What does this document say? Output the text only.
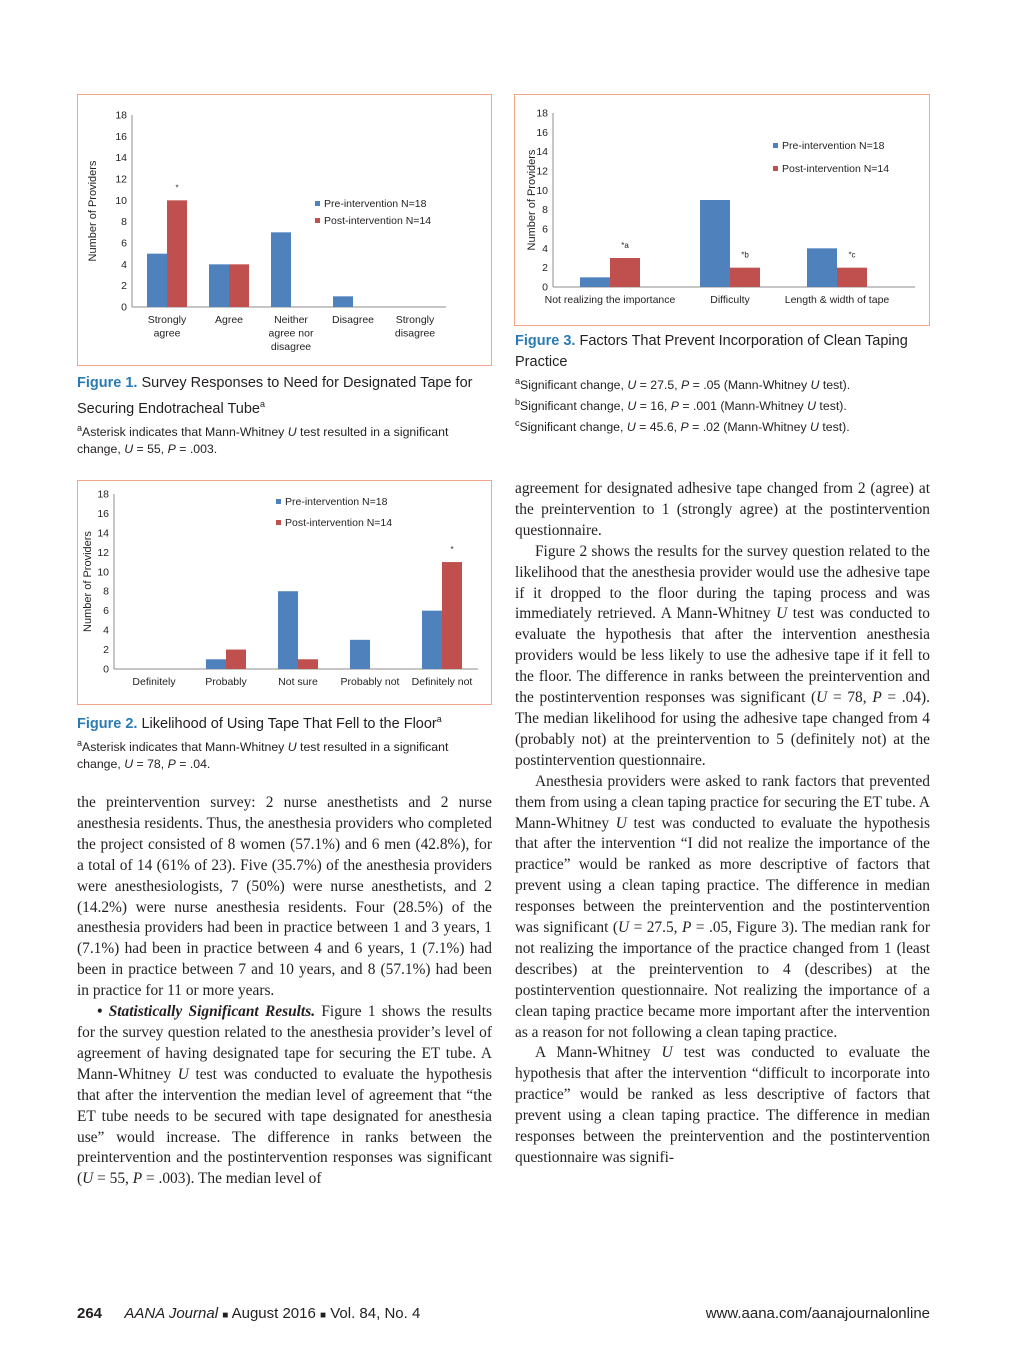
0
2
4
6
8
10
12
14
16
18
Number of Providers
Strongly
agree
Agree	Neither
agree nor
disagree
Disagree Strongly
disagree
*
Pre-intervention N=18
Post-intervention N=14
Figure 1. Survey Responses to Need for Designated Tape for Securing Endotracheal Tube$^a$
$^a$Asterisk indicates that Mann-Whitney U test resulted in a significant change, U = 55, P = .003.
0
2
4
6
8
10
12
14
16
18
Number of Providers
Not realizing the importance	Difficulty	Length & width of tape
*a
*b	*c
Pre-intervention N=18
Post-intervention N=14
Figure 3. Factors That Prevent Incorporation of Clean Taping Practice
$^a$Significant change, U = 27.5, P = .05 (Mann-Whitney U test).
$^b$Significant change, U = 16, P = .001 (Mann-Whitney U test).
$^c$Significant change, U = 45.6, P = .02 (Mann-Whitney U test).
0
2
4
6
8
10
12
14
16
18
Number of Providers
Definitely	Probably	Not sure Probably not Definitely not
*
Pre-intervention N=18
Post-intervention N=14
Figure 2. Likelihood of Using Tape That Fell to the Floor$^a$
$^a$Asterisk indicates that Mann-Whitney U test resulted in a significant change, U = 78, P = .04.

the preintervention survey: 2 nurse anesthetists and 2 nurse anesthesia residents. Thus, the anesthesia providers who completed the project consisted of 8 women (57.1%) and 6 men (42.8%), for a total of 14 (61% of 23). Five (35.7%) of the anesthesia providers were anesthesiologists, 7 (50%) were nurse anesthetists, and 2 (14.2%) were nurse anesthesia residents. Four (28.5%) of the anesthesia providers had been in practice between 1 and 3 years, 1 (7.1%) had been in practice between 4 and 6 years, 1 (7.1%) had been in practice between 7 and 10 years, and 8 (57.1%) had been in practice for 11 or more years.

• Statistically Significant Results. Figure 1 shows the results for the survey question related to the anesthesia provider’s level of agreement of having designated tape for securing the ET tube. A Mann-Whitney U test was conducted to evaluate the hypothesis that after the intervention the median level of agreement that “the ET tube needs to be secured with tape designated for anesthesia use” would increase. The difference in ranks between the preintervention and the postintervention responses was significant (U = 55, P = .003). The median level of

agreement for designated adhesive tape changed from 2 (agree) at the preintervention to 1 (strongly agree) at the postintervention questionnaire.

Figure 2 shows the results for the survey question related to the likelihood that the anesthesia provider would use the adhesive tape if it dropped to the floor during the taping process and was immediately retrieved. A Mann-Whitney U test was conducted to evaluate the hypothesis that after the intervention anesthesia providers would be less likely to use the adhesive tape if it fell to the floor. The difference in ranks between the preintervention and the postintervention responses was significant (U = 78, P = .04). The median likelihood for using the adhesive tape changed from 4 (probably not) at the preintervention to 5 (definitely not) at the postintervention questionnaire.

Anesthesia providers were asked to rank factors that prevented them from using a clean taping practice for securing the ET tube. A Mann-Whitney U test was conducted to evaluate the hypothesis that after the intervention “I did not realize the importance of the practice” would be ranked as more descriptive of factors that prevent using a clean taping practice. The difference in median responses between the preintervention and the postintervention was significant (U = 27.5, P = .05, Figure 3). The median rank for not realizing the importance of the practice changed from 1 (least describes) at the preintervention to 4 (describes) at the postintervention questionnaire. Not realizing the importance of a clean taping practice became more important after the intervention as a reason for not following a clean taping practice.

A Mann-Whitney U test was conducted to evaluate the hypothesis that after the intervention “difficult to incorporate into practice” would be ranked as less descriptive of factors that prevent using a clean taping practice. The difference in median responses between the preintervention and the postintervention questionnaire was signifi-

264 AANA Journal ■ August 2016 ■ Vol. 84, No. 4	www.aana.com/aanajournalonline
